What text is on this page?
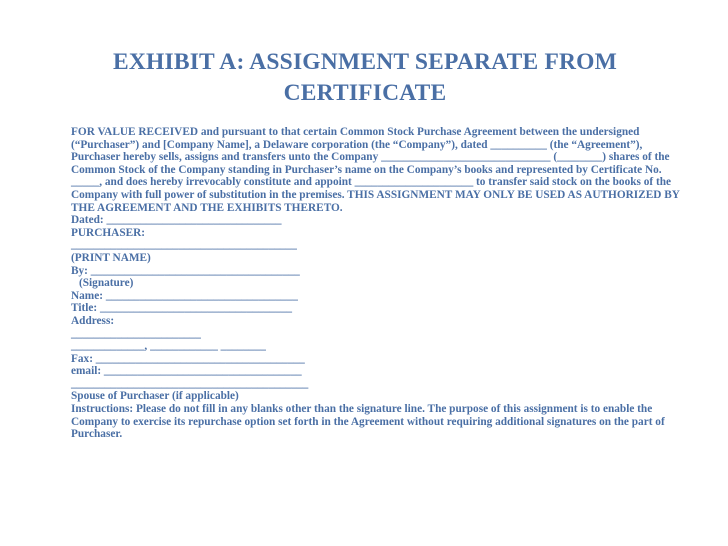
EXHIBIT A: ASSIGNMENT SEPARATE FROM
CERTIFICATE

FOR VALUE RECEIVED and pursuant to that certain Common Stock Purchase Agreement between the undersigned (“Purchaser”) and [Company Name], a Delaware corporation (the “Company”), dated __________ (the “Agreement”), Purchaser hereby sells, assigns and transfers unto the Company ______________________________ (________) shares of the Common Stock of the Company standing in Purchaser’s name on the Company’s books and represented by Certificate No. _____, and does hereby irrevocably constitute and appoint _____________________ to transfer said stock on the books of the Company with full power of substitution in the premises. THIS ASSIGNMENT MAY ONLY BE USED AS AUTHORIZED BY THE AGREEMENT AND THE EXHIBITS THERETO.

Dated: _______________________________
PURCHASER:
________________________________________
(PRINT NAME)
By: _____________________________________
(Signature)
Name: __________________________________
Title: __________________________________
Address:
_______________________
_____________, ____________ ________
Fax: _____________________________________
email: ___________________________________
__________________________________________
Spouse of Purchaser (if applicable)

Instructions: Please do not fill in any blanks other than the signature line. The purpose of this assignment is to enable the Company to exercise its repurchase option set forth in the Agreement without requiring additional signatures on the part of Purchaser.
